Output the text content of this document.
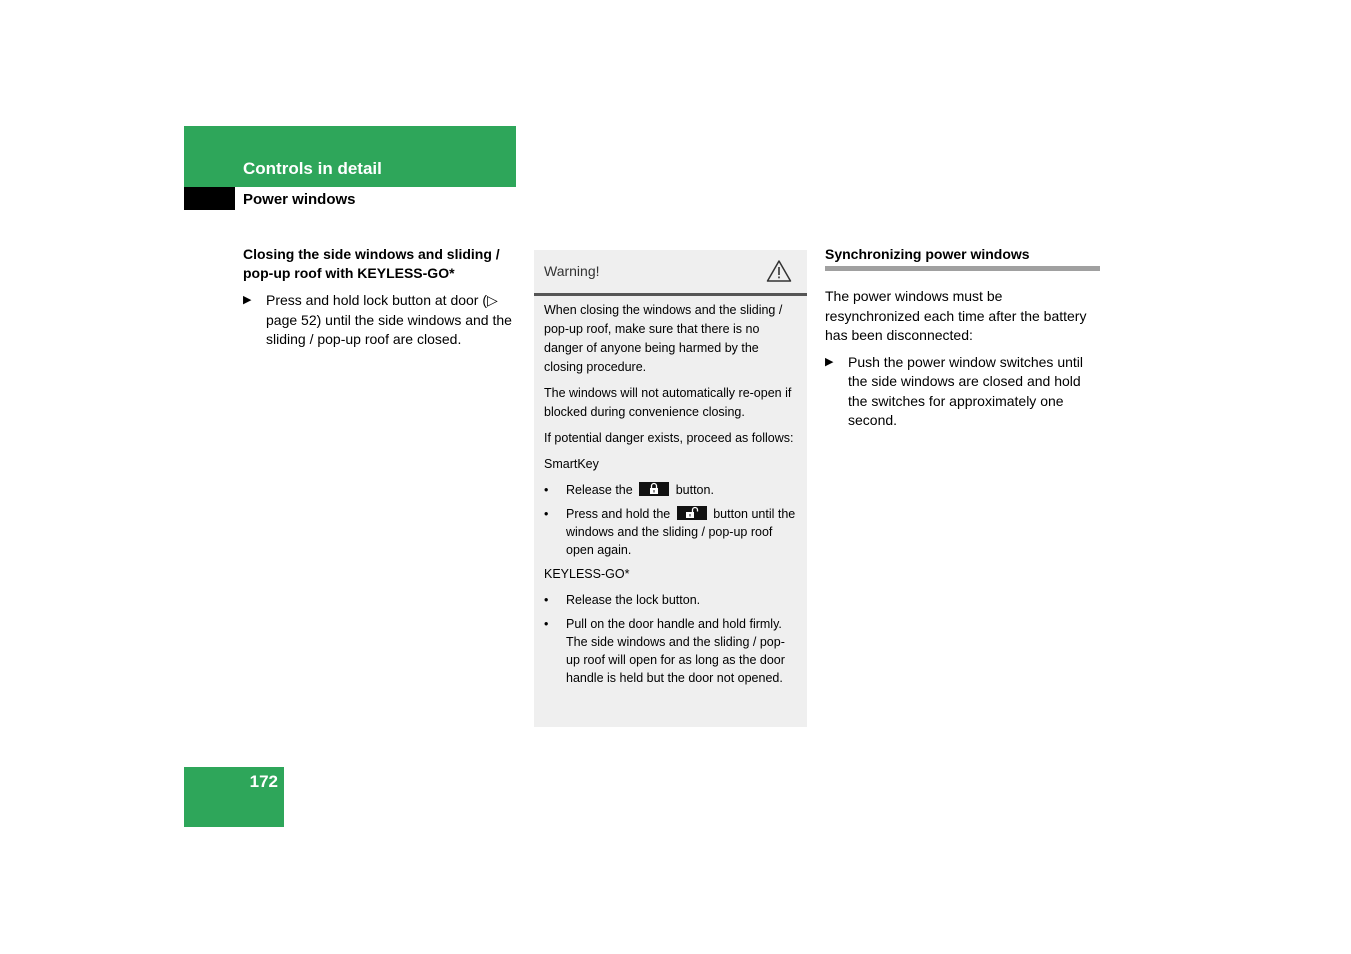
Controls in detail
Power windows
Closing the side windows and sliding / pop-up roof with KEYLESS-GO*
▶ Press and hold lock button at door (▷ page 52) until the side windows and the sliding / pop-up roof are closed.
Warning!

When closing the windows and the sliding / pop-up roof, make sure that there is no danger of anyone being harmed by the closing procedure.

The windows will not automatically re-open if blocked during convenience closing.

If potential danger exists, proceed as follows:

SmartKey

• Release the	button.
• Press and hold the	button until the windows and the sliding / pop-up roof open again.

KEYLESS-GO*

• Release the lock button.
• Pull on the door handle and hold firmly. The side windows and the sliding / pop-up roof will open for as long as the door handle is held but the door not opened.
Synchronizing power windows

The power windows must be resynchronized each time after the battery has been disconnected:

▶ Push the power window switches until the side windows are closed and hold the switches for approximately one second.
172
